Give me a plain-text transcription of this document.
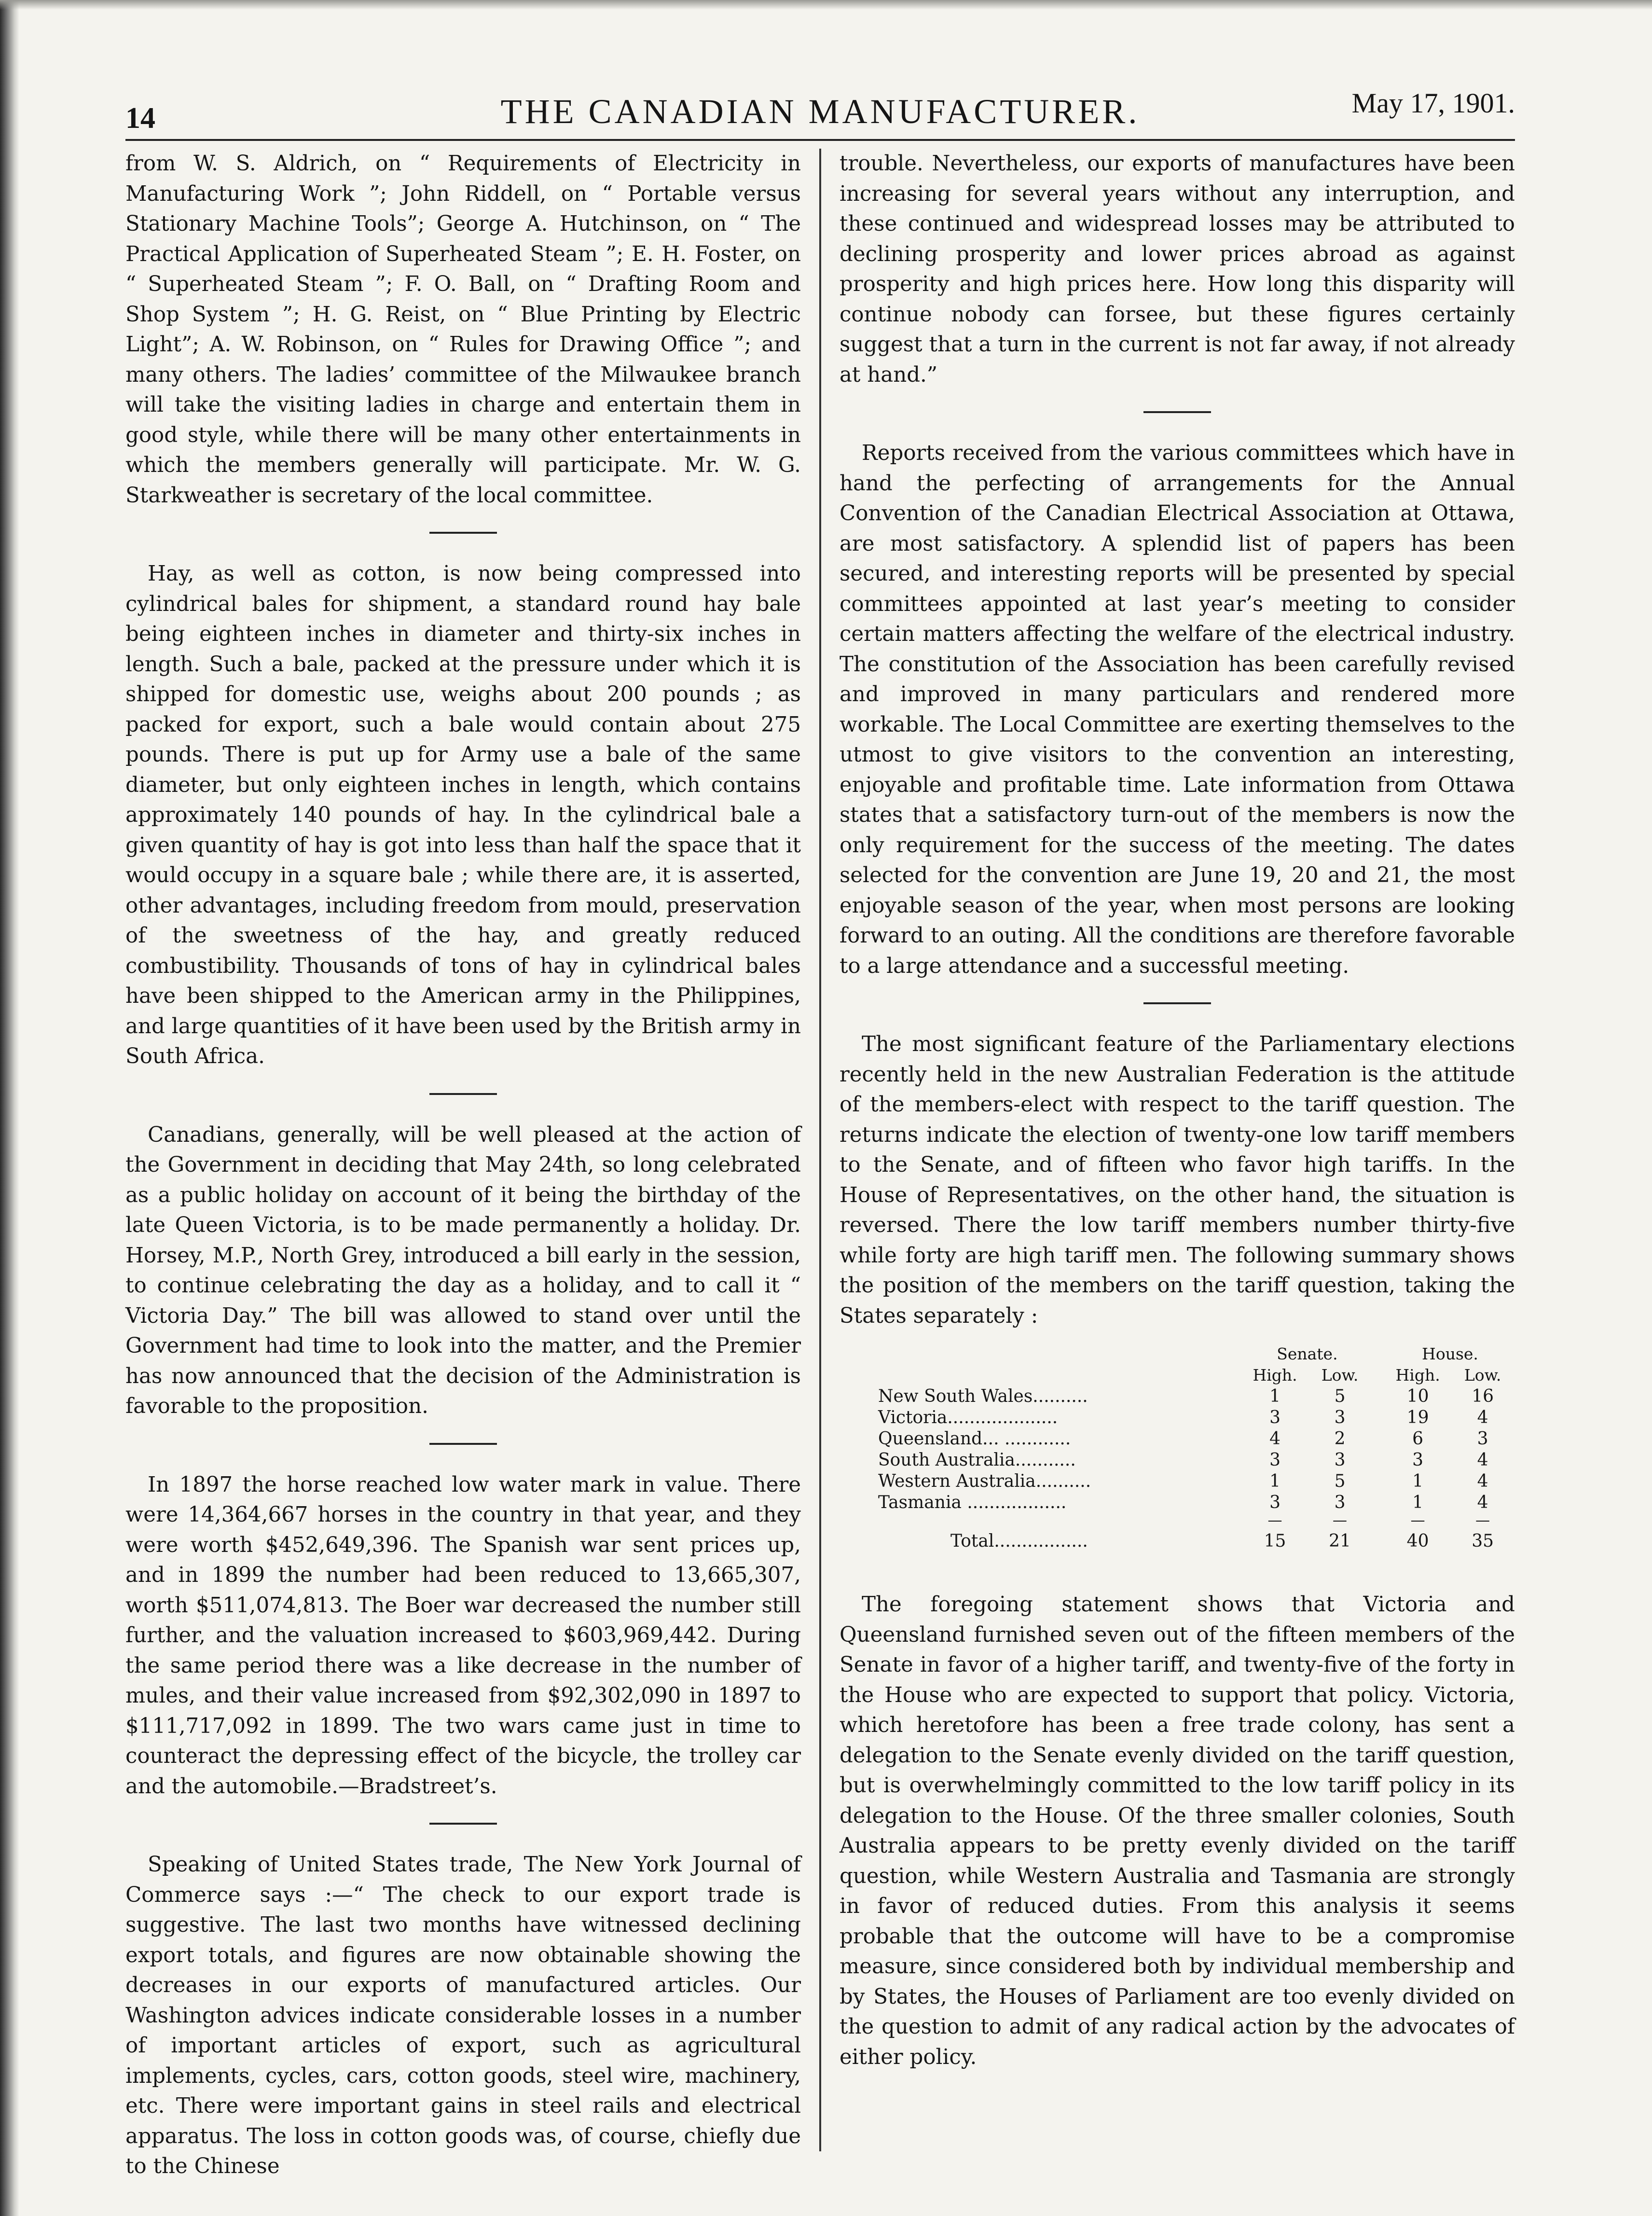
14	THE CANADIAN MANUFACTURER.	May 17, 1901.

from W. S. Aldrich, on “ Requirements of Electricity in Manufacturing Work ”; John Riddell, on “ Portable versus Stationary Machine Tools”; George A. Hutchinson, on “ The Practical Application of Superheated Steam ”; E. H. Foster, on “ Superheated Steam ”; F. O. Ball, on “ Drafting Room and Shop System ”; H. G. Reist, on “ Blue Printing by Electric Light”; A. W. Robinson, on “ Rules for Drawing Office ”; and many others. The ladies’ committee of the Milwaukee branch will take the visiting ladies in charge and entertain them in good style, while there will be many other entertainments in which the members generally will participate. Mr. W. G. Starkweather is secretary of the local committee.

Hay, as well as cotton, is now being compressed into cylindrical bales for shipment, a standard round hay bale being eighteen inches in diameter and thirty-six inches in length. Such a bale, packed at the pressure under which it is shipped for domestic use, weighs about 200 pounds ; as packed for export, such a bale would contain about 275 pounds. There is put up for Army use a bale of the same diameter, but only eighteen inches in length, which contains approximately 140 pounds of hay. In the cylindrical bale a given quantity of hay is got into less than half the space that it would occupy in a square bale ; while there are, it is asserted, other advantages, including freedom from mould, preservation of the sweetness of the hay, and greatly reduced combustibility. Thousands of tons of hay in cylindrical bales have been shipped to the American army in the Philippines, and large quantities of it have been used by the British army in South Africa.

Canadians, generally, will be well pleased at the action of the Government in deciding that May 24th, so long celebrated as a public holiday on account of it being the birthday of the late Queen Victoria, is to be made permanently a holiday. Dr. Horsey, M.P., North Grey, introduced a bill early in the session, to continue celebrating the day as a holiday, and to call it “ Victoria Day.” The bill was allowed to stand over until the Government had time to look into the matter, and the Premier has now announced that the decision of the Administration is favorable to the proposition.

In 1897 the horse reached low water mark in value. There were 14,364,667 horses in the country in that year, and they were worth $452,649,396. The Spanish war sent prices up, and in 1899 the number had been reduced to 13,665,307, worth $511,074,813. The Boer war decreased the number still further, and the valuation increased to $603,969,442. During the same period there was a like decrease in the number of mules, and their value increased from $92,302,090 in 1897 to $111,717,092 in 1899. The two wars came just in time to counteract the depressing effect of the bicycle, the trolley car and the automobile.—Bradstreet’s.

Speaking of United States trade, The New York Journal of Commerce says :—“ The check to our export trade is suggestive. The last two months have witnessed declining export totals, and figures are now obtainable showing the decreases in our exports of manufactured articles. Our Washington advices indicate considerable losses in a number of important articles of export, such as agricultural implements, cycles, cars, cotton goods, steel wire, machinery, etc. There were important gains in steel rails and electrical apparatus. The loss in cotton goods was, of course, chiefly due to the Chinese

trouble. Nevertheless, our exports of manufactures have been increasing for several years without any interruption, and these continued and widespread losses may be attributed to declining prosperity and lower prices abroad as against prosperity and high prices here. How long this disparity will continue nobody can forsee, but these figures certainly suggest that a turn in the current is not far away, if not already at hand.”

Reports received from the various committees which have in hand the perfecting of arrangements for the Annual Convention of the Canadian Electrical Association at Ottawa, are most satisfactory. A splendid list of papers has been secured, and interesting reports will be presented by special committees appointed at last year’s meeting to consider certain matters affecting the welfare of the electrical industry. The constitution of the Association has been carefully revised and improved in many particulars and rendered more workable. The Local Committee are exerting themselves to the utmost to give visitors to the convention an interesting, enjoyable and profitable time. Late information from Ottawa states that a satisfactory turn-out of the members is now the only requirement for the success of the meeting. The dates selected for the convention are June 19, 20 and 21, the most enjoyable season of the year, when most persons are looking forward to an outing. All the conditions are therefore favorable to a large attendance and a successful meeting.

The most significant feature of the Parliamentary elections recently held in the new Australian Federation is the attitude of the members-elect with respect to the tariff question. The returns indicate the election of twenty-one low tariff members to the Senate, and of fifteen who favor high tariffs. In the House of Representatives, on the other hand, the situation is reversed. There the low tariff members number thirty-five while forty are high tariff men. The following summary shows the position of the members on the tariff question, taking the States separately :

	Senate.			House.	
	High.	Low.		High.	Low.
New South Wales..........	1	5		10	16
Victoria....................	3	3		19	4
Queensland... ............	4	2		6	3
South Australia...........	3	3		3	4
Western Australia..........	1	5		1	4
Tasmania ..................	3	3		1	4
	—	—		—	—
Total.................	15	21		40	35

The foregoing statement shows that Victoria and Queensland furnished seven out of the fifteen members of the Senate in favor of a higher tariff, and twenty-five of the forty in the House who are expected to support that policy. Victoria, which heretofore has been a free trade colony, has sent a delegation to the Senate evenly divided on the tariff question, but is overwhelmingly committed to the low tariff policy in its delegation to the House. Of the three smaller colonies, South Australia appears to be pretty evenly divided on the tariff question, while Western Australia and Tasmania are strongly in favor of reduced duties. From this analysis it seems probable that the outcome will have to be a compromise measure, since considered both by individual membership and by States, the Houses of Parliament are too evenly divided on the question to admit of any radical action by the advocates of either policy.
